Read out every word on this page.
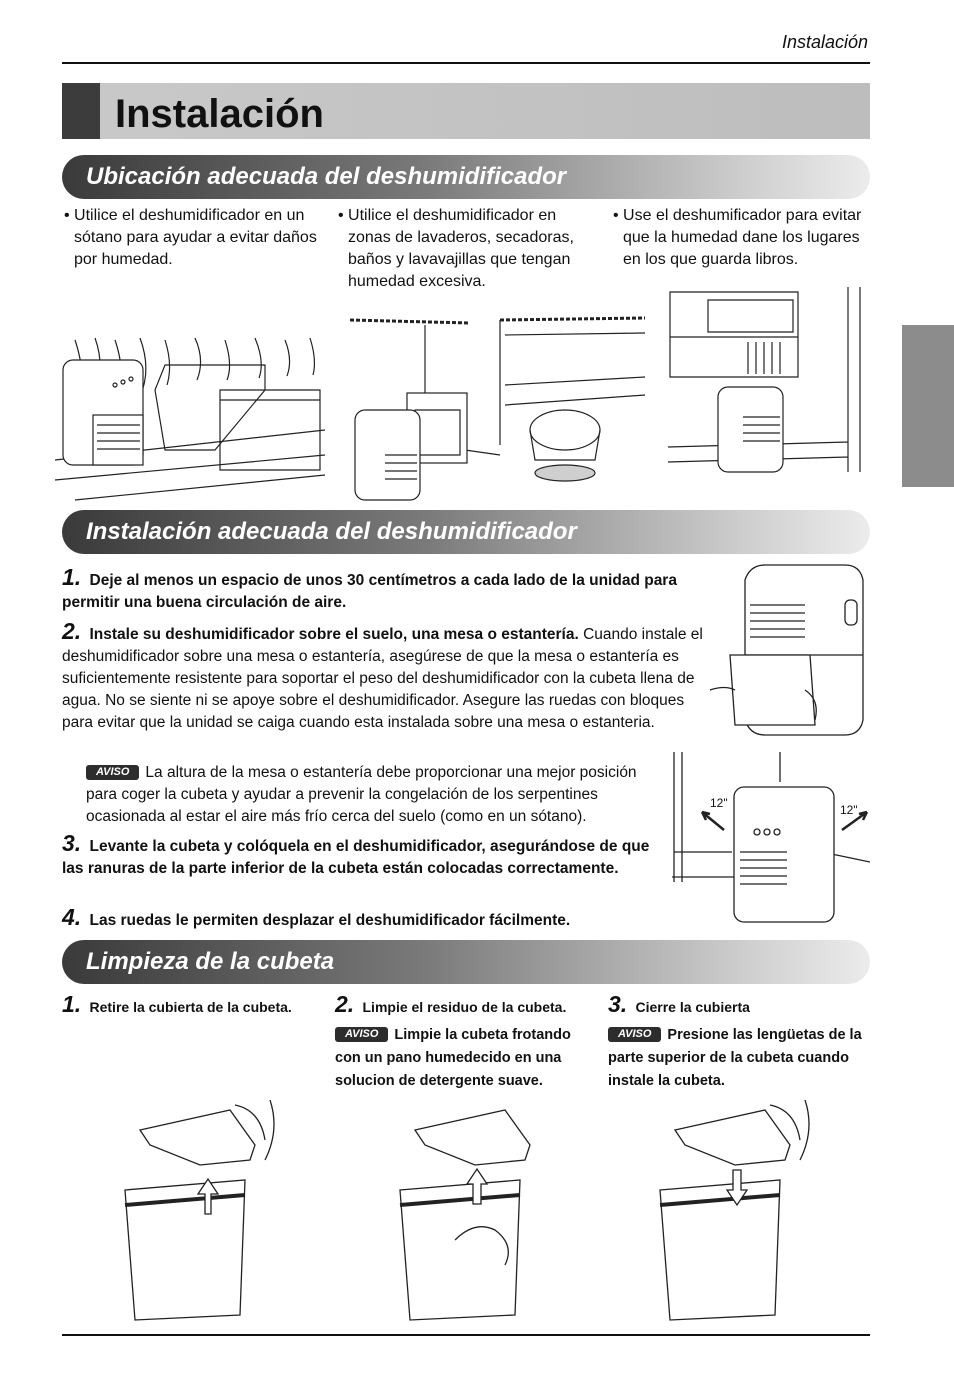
Instalación
Instalación
Ubicación adecuada del deshumidificador
• Utilice el deshumidificador en un sótano para ayudar a evitar daños por humedad.
• Utilice el deshumidificador en zonas de lavaderos, secadoras, baños y lavavajillas que tengan humedad excesiva.
• Use el deshumificador para evitar que la humedad dane los lugares en los que guarda libros.
Instalación adecuada del deshumidificador
1. Deje al menos un espacio de unos 30 centímetros a cada lado de la unidad para permitir una buena circulación de aire.
2. Instale su deshumidificador sobre el suelo, una mesa o estantería. Cuando instale el deshumidificador sobre una mesa o estantería, asegúrese de que la mesa o estantería es suficientemente resistente para soportar el peso del deshumidificador con la cubeta llena de agua. No se siente ni se apoye sobre el deshumidificador. Asegure las ruedas con bloques para evitar que la unidad se caiga cuando esta instalada sobre una mesa o estanteria.
AVISO La altura de la mesa o estantería debe proporcionar una mejor posición para coger la cubeta y ayudar a prevenir la congelación de los serpentines ocasionada al estar el aire más frío cerca del suelo (como en un sótano).
3. Levante la cubeta y colóquela en el deshumidificador, asegurándose de que las ranuras de la parte inferior de la cubeta están colocadas correctamente.
4. Las ruedas le permiten desplazar el deshumidificador fácilmente.
12"	12"
Limpieza de la cubeta
1. Retire la cubierta de la cubeta.	2. Limpie el residuo de la cubeta.
AVISO Limpie la cubeta frotando con un pano humedecido en una solucion de detergente suave.
3. Cierre la cubierta
AVISO Presione las lengüetas de la parte superior de la cubeta cuando instale la cubeta.
